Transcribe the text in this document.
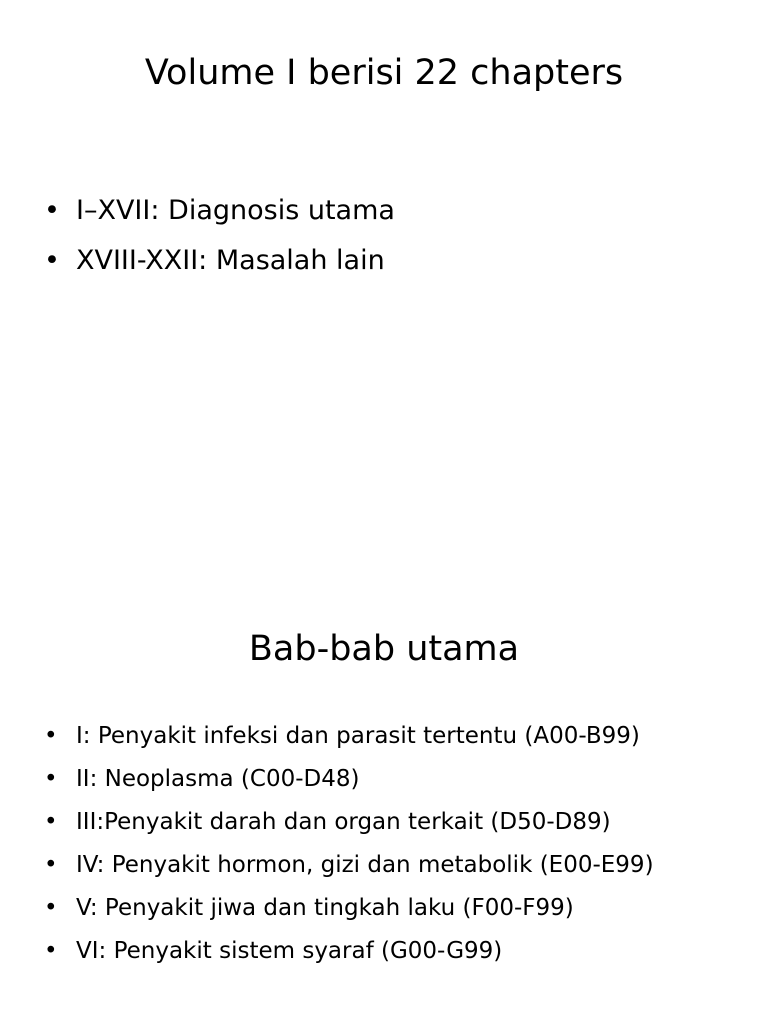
Volume I berisi 22 chapters
• I–XVII: Diagnosis utama
• XVIII-XXII: Masalah lain
Bab-bab utama
• I: Penyakit infeksi dan parasit tertentu (A00-B99)
• II: Neoplasma (C00-D48)
• III:Penyakit darah dan organ terkait (D50-D89)
• IV: Penyakit hormon, gizi dan metabolik (E00-E99)
• V: Penyakit jiwa dan tingkah laku (F00-F99)
• VI: Penyakit sistem syaraf (G00-G99)
